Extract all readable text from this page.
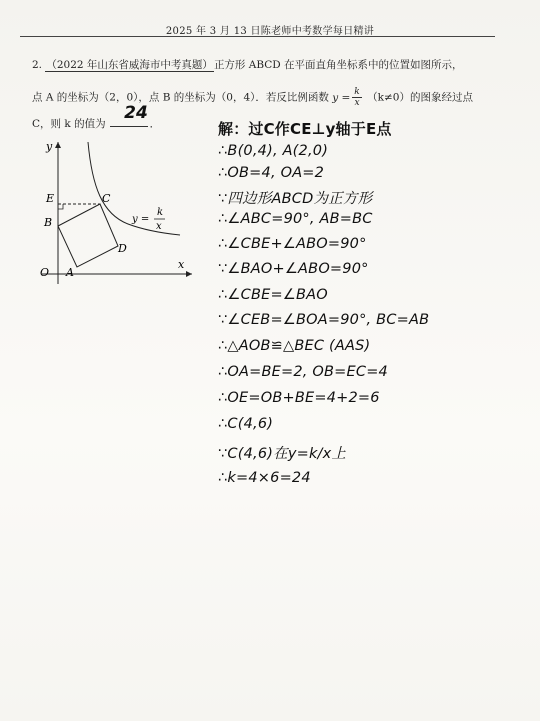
2025 年 3 月 13 日陈老师中考数学每日精讲
2. （2022 年山东省威海市中考真题）正方形 ABCD 在平面直角坐标系中的位置如图所示，
点 A 的坐标为（2，0），点 B 的坐标为（0，4）．若反比例函数 $y = \frac{k}{x} (k\ne 0)$的图象经过点
C，则 k 的值为	．
24
y
x
O A
B
C
D
E
y =
k
x
解：过C作CE⊥y轴于E点
∴B(0,4), A(2,0)
∴OB=4, OA=2
∵四边形ABCD为正方形
∴∠ABC=90°, AB=BC
∴∠CBE+∠ABO=90°
∵∠BAO+∠ABO=90°
∴∠CBE=∠BAO
∵∠CEB=∠BOA=90°, BC=AB
∴△AOB≌△BEC (AAS)
∴OA=BE=2, OB=EC=4
∴OE=OB+BE=4+2=6
∴C(4,6)
∵C(4,6)在y=k/x上
∴k=4×6=24
